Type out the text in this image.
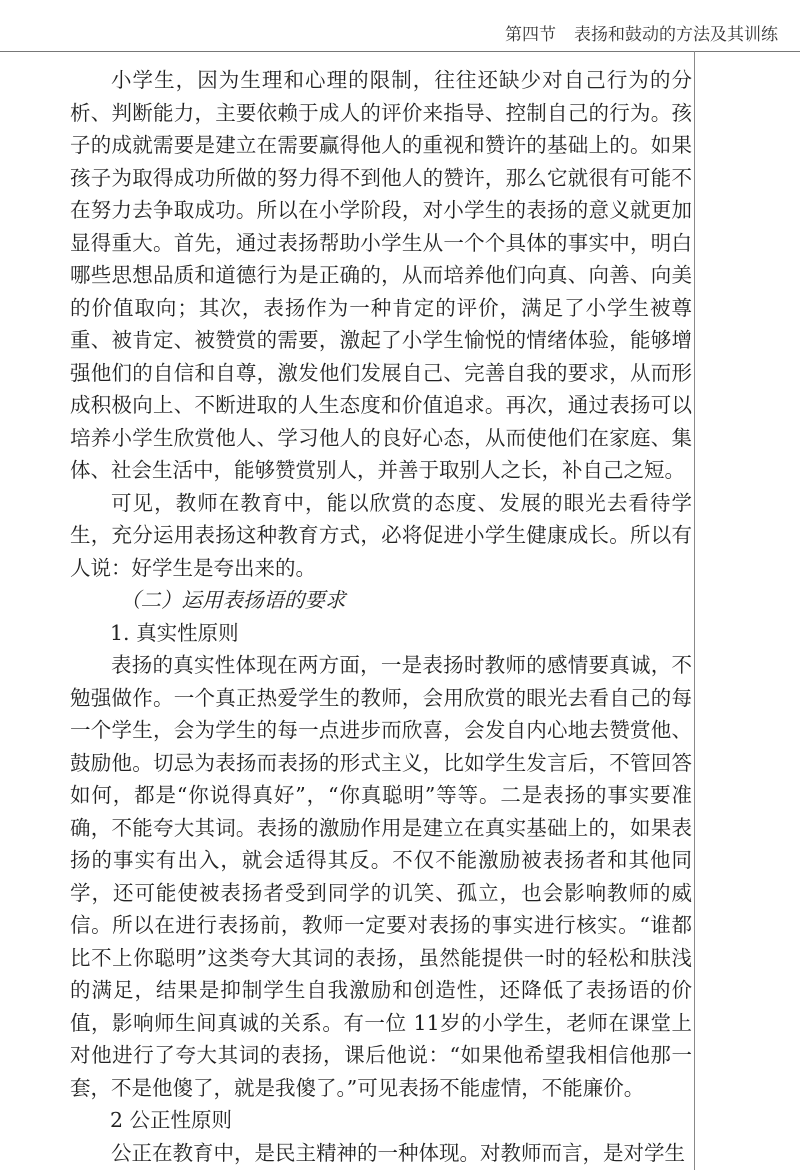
第四节 表扬和鼓动的方法及其训练

小学生，因为生理和心理的限制，往往还缺少对自己行为的分析、判断能力，主要依赖于成人的评价来指导、控制自己的行为。孩子的成就需要是建立在需要赢得他人的重视和赞许的基础上的。如果孩子为取得成功所做的努力得不到他人的赞许，那么它就很有可能不在努力去争取成功。所以在小学阶段，对小学生的表扬的意义就更加显得重大。首先，通过表扬帮助小学生从一个个具体的事实中，明白哪些思想品质和道德行为是正确的，从而培养他们向真、向善、向美的价值取向；其次，表扬作为一种肯定的评价，满足了小学生被尊重、被肯定、被赞赏的需要，激起了小学生愉悦的情绪体验，能够增强他们的自信和自尊，激发他们发展自己、完善自我的要求，从而形成积极向上、不断进取的人生态度和价值追求。再次，通过表扬可以培养小学生欣赏他人、学习他人的良好心态，从而使他们在家庭、集体、社会生活中，能够赞赏别人，并善于取别人之长，补自己之短。

可见，教师在教育中，能以欣赏的态度、发展的眼光去看待学生，充分运用表扬这种教育方式，必将促进小学生健康成长。所以有人说：好学生是夸出来的。

（二）运用表扬语的要求

1. 真实性原则

表扬的真实性体现在两方面，一是表扬时教师的感情要真诚，不勉强做作。一个真正热爱学生的教师，会用欣赏的眼光去看自己的每一个学生，会为学生的每一点进步而欣喜，会发自内心地去赞赏他、鼓励他。切忌为表扬而表扬的形式主义，比如学生发言后，不管回答如何，都是“你说得真好”，“你真聪明”等等。二是表扬的事实要准确，不能夸大其词。表扬的激励作用是建立在真实基础上的，如果表扬的事实有出入，就会适得其反。不仅不能激励被表扬者和其他同学，还可能使被表扬者受到同学的讥笑、孤立，也会影响教师的威信。所以在进行表扬前，教师一定要对表扬的事实进行核实。“谁都比不上你聪明”这类夸大其词的表扬，虽然能提供一时的轻松和肤浅的满足，结果是抑制学生自我激励和创造性，还降低了表扬语的价值，影响师生间真诚的关系。有一位 11岁的小学生，老师在课堂上对他进行了夸大其词的表扬，课后他说：“如果他希望我相信他那一套，不是他傻了，就是我傻了。”可见表扬不能虚情，不能廉价。

2 公正性原则

公正在教育中，是民主精神的一种体现。对教师而言，是对学生
